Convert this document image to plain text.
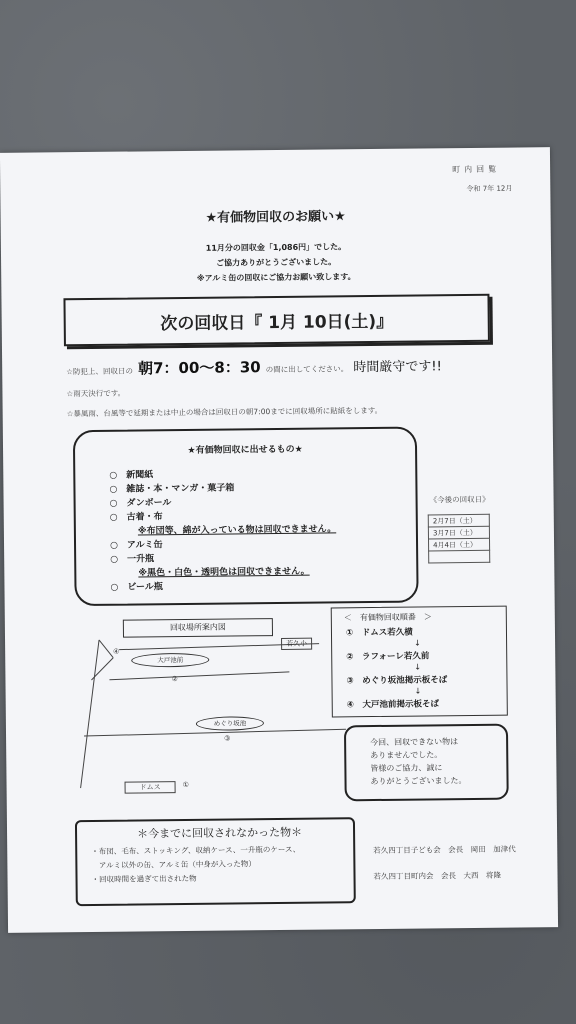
町内回覧
令和 7年 12月
★有価物回収のお願い★
11月分の回収金「1,086円」でした。
ご協力ありがとうございました。
※アルミ缶の回収にご協力お願い致します。
次の回収日『 1月 10日(土)』
☆防犯上、回収日の 朝7：00〜8：30 の間に出してください。 時間厳守です!!
☆雨天決行です。
☆暴風雨、台風等で延期または中止の場合は回収日の朝7:00までに回収場所に貼紙をします。
★有価物回収に出せるもの★
○　新聞紙
○　雑誌・本・マンガ・菓子箱
○　ダンボール
○　古着・布
※布団等、綿が入っている物は回収できません。
○　アルミ缶
○　一升瓶
※黒色・白色・透明色は回収できません。
○　ビール瓶
《今後の回収日》
2月7日（土）
3月7日（土）
4月4日（土）

回収場所案内図
若久小
大戸池前
めぐり坂池
ドムス
④
②
③
①
＜　有価物回収順番　＞
①　ドムス若久横
↓
②　ラフォーレ若久前
↓
③　めぐり坂池掲示板そば
↓
④　大戸池前掲示板そば
今回、回収できない物は
ありませんでした。
皆様のご協力、誠に
ありがとうございました。
＊今までに回収されなかった物＊
・布団、毛布、ストッキング、収納ケース、一升瓶のケース、
　アルミ以外の缶、アルミ缶（中身が入った物）
・回収時間を過ぎて出された物
若久四丁目子ども会　会長　岡田　加津代
若久四丁目町内会　会長　大西　将隆
